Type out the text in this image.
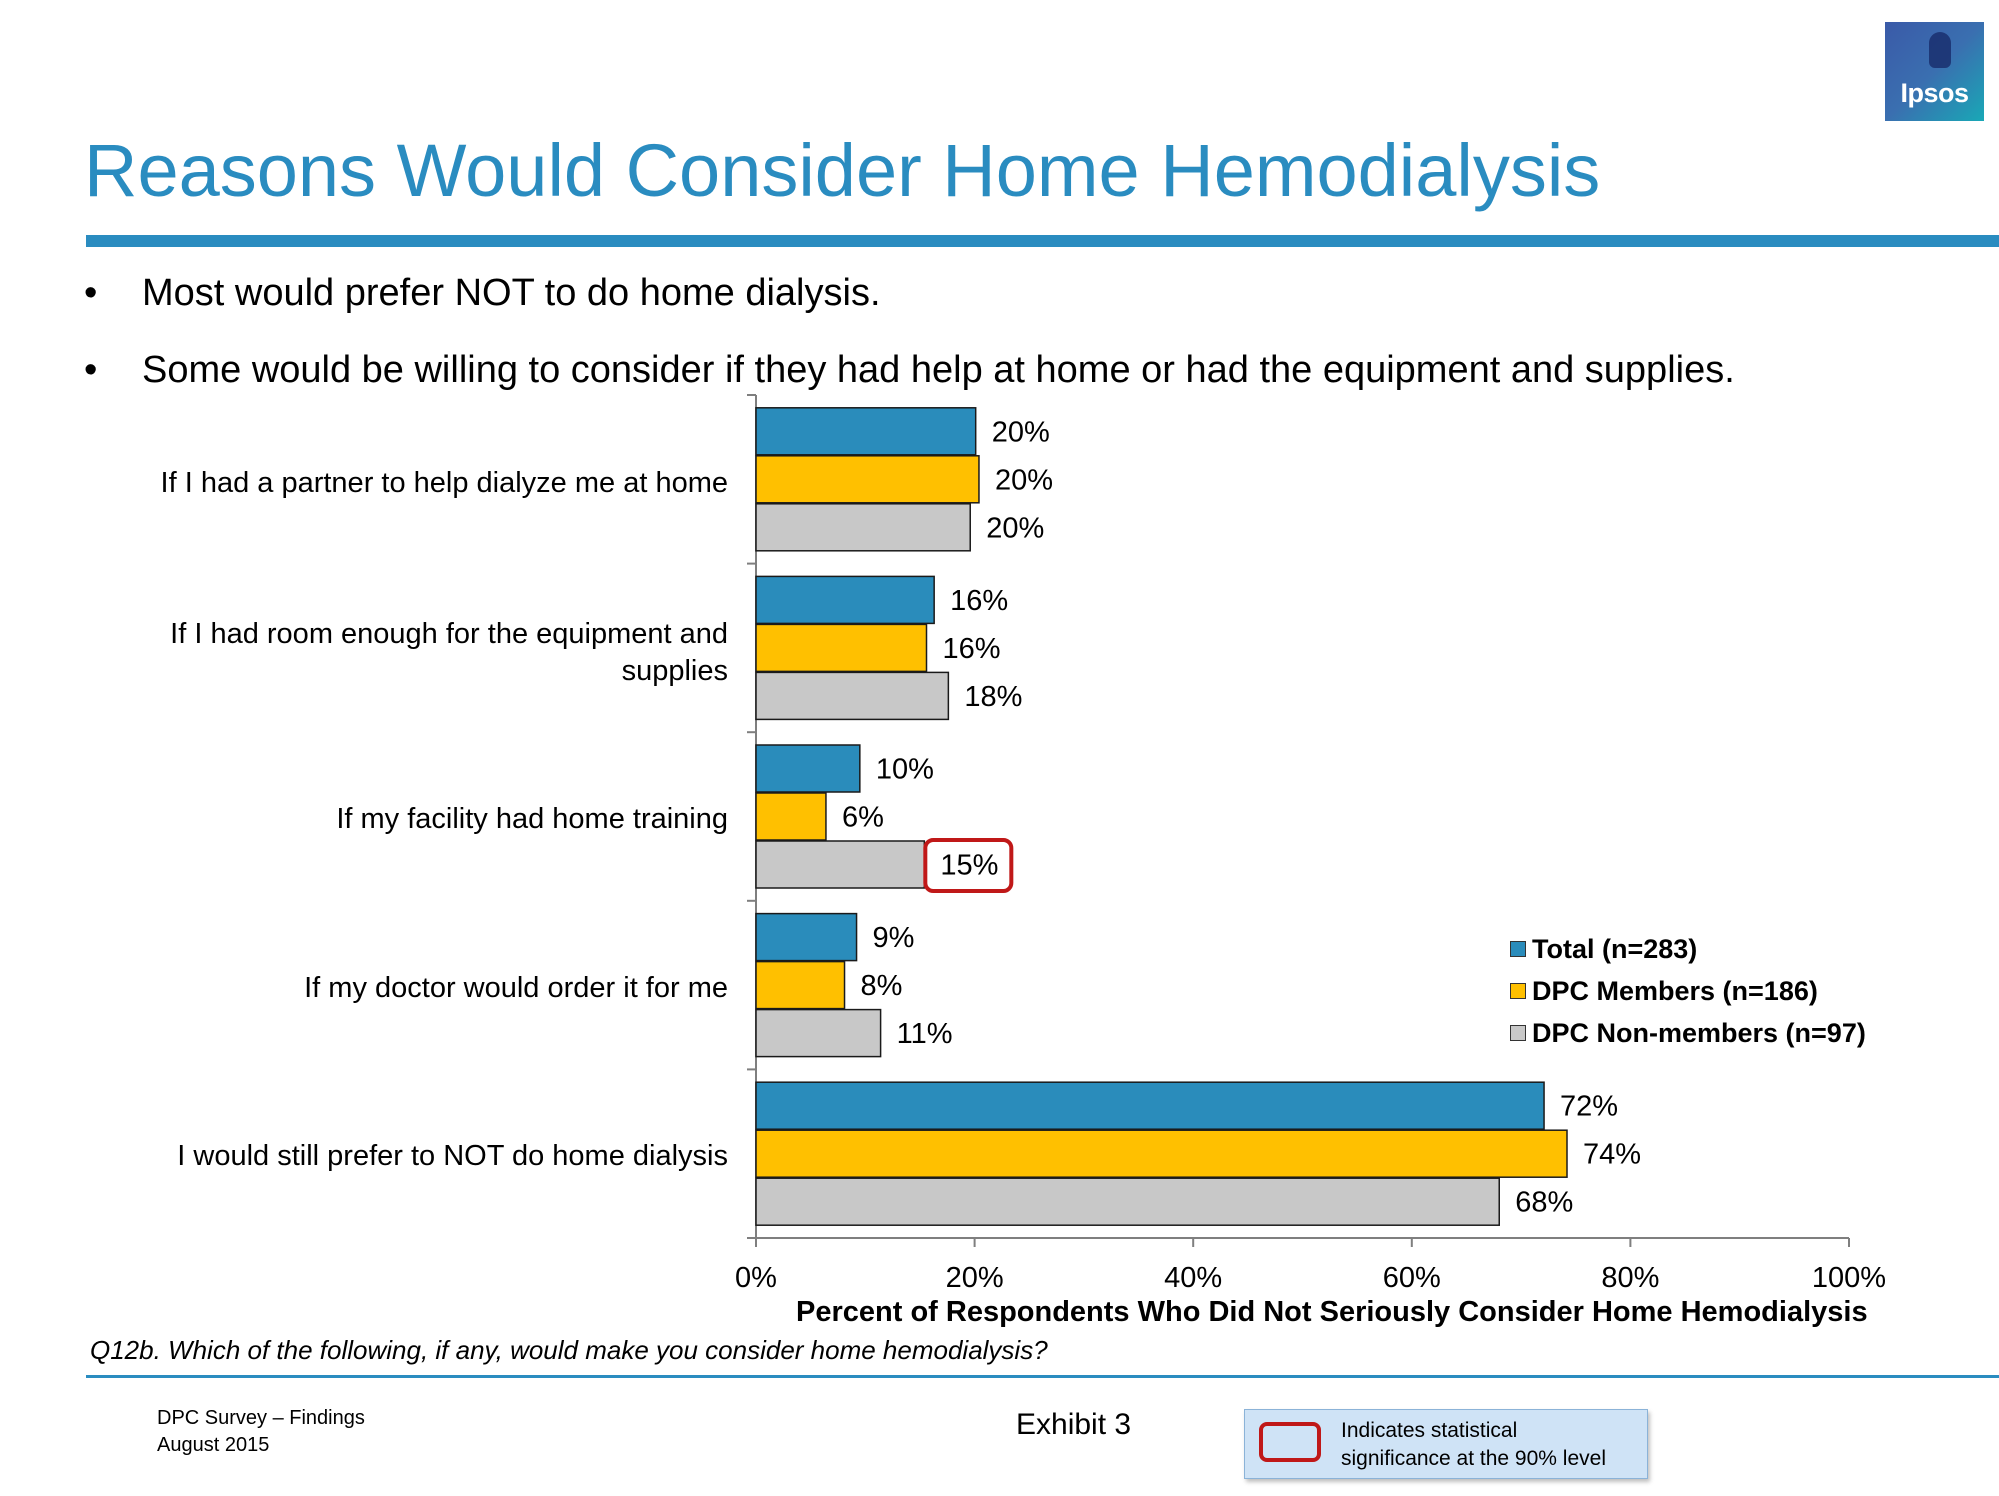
Ipsos
Reasons Would Consider Home Hemodialysis
• Most would prefer NOT to do home dialysis.
• Some would be willing to consider if they had help at home or had the equipment and supplies.
If I had a partner to help dialyze me at home
If I had room enough for the equipment and supplies
If my facility had home training
If my doctor would order it for me
I would still prefer to NOT do home dialysis
0%	20%	40%	60%	80%	100%
20%
20%
20%
16%
16%
18%
10%
6%
15%
9%
8%
11%
72%
74%
68%
Total (n=283)
DPC Members (n=186)
DPC Non-members (n=97)
Percent of Respondents Who Did Not Seriously Consider Home Hemodialysis
Q12b. Which of the following, if any, would make you consider home hemodialysis?
DPC Survey – Findings
August 2015
Exhibit 3	Indicates statistical
significance at the 90% level
